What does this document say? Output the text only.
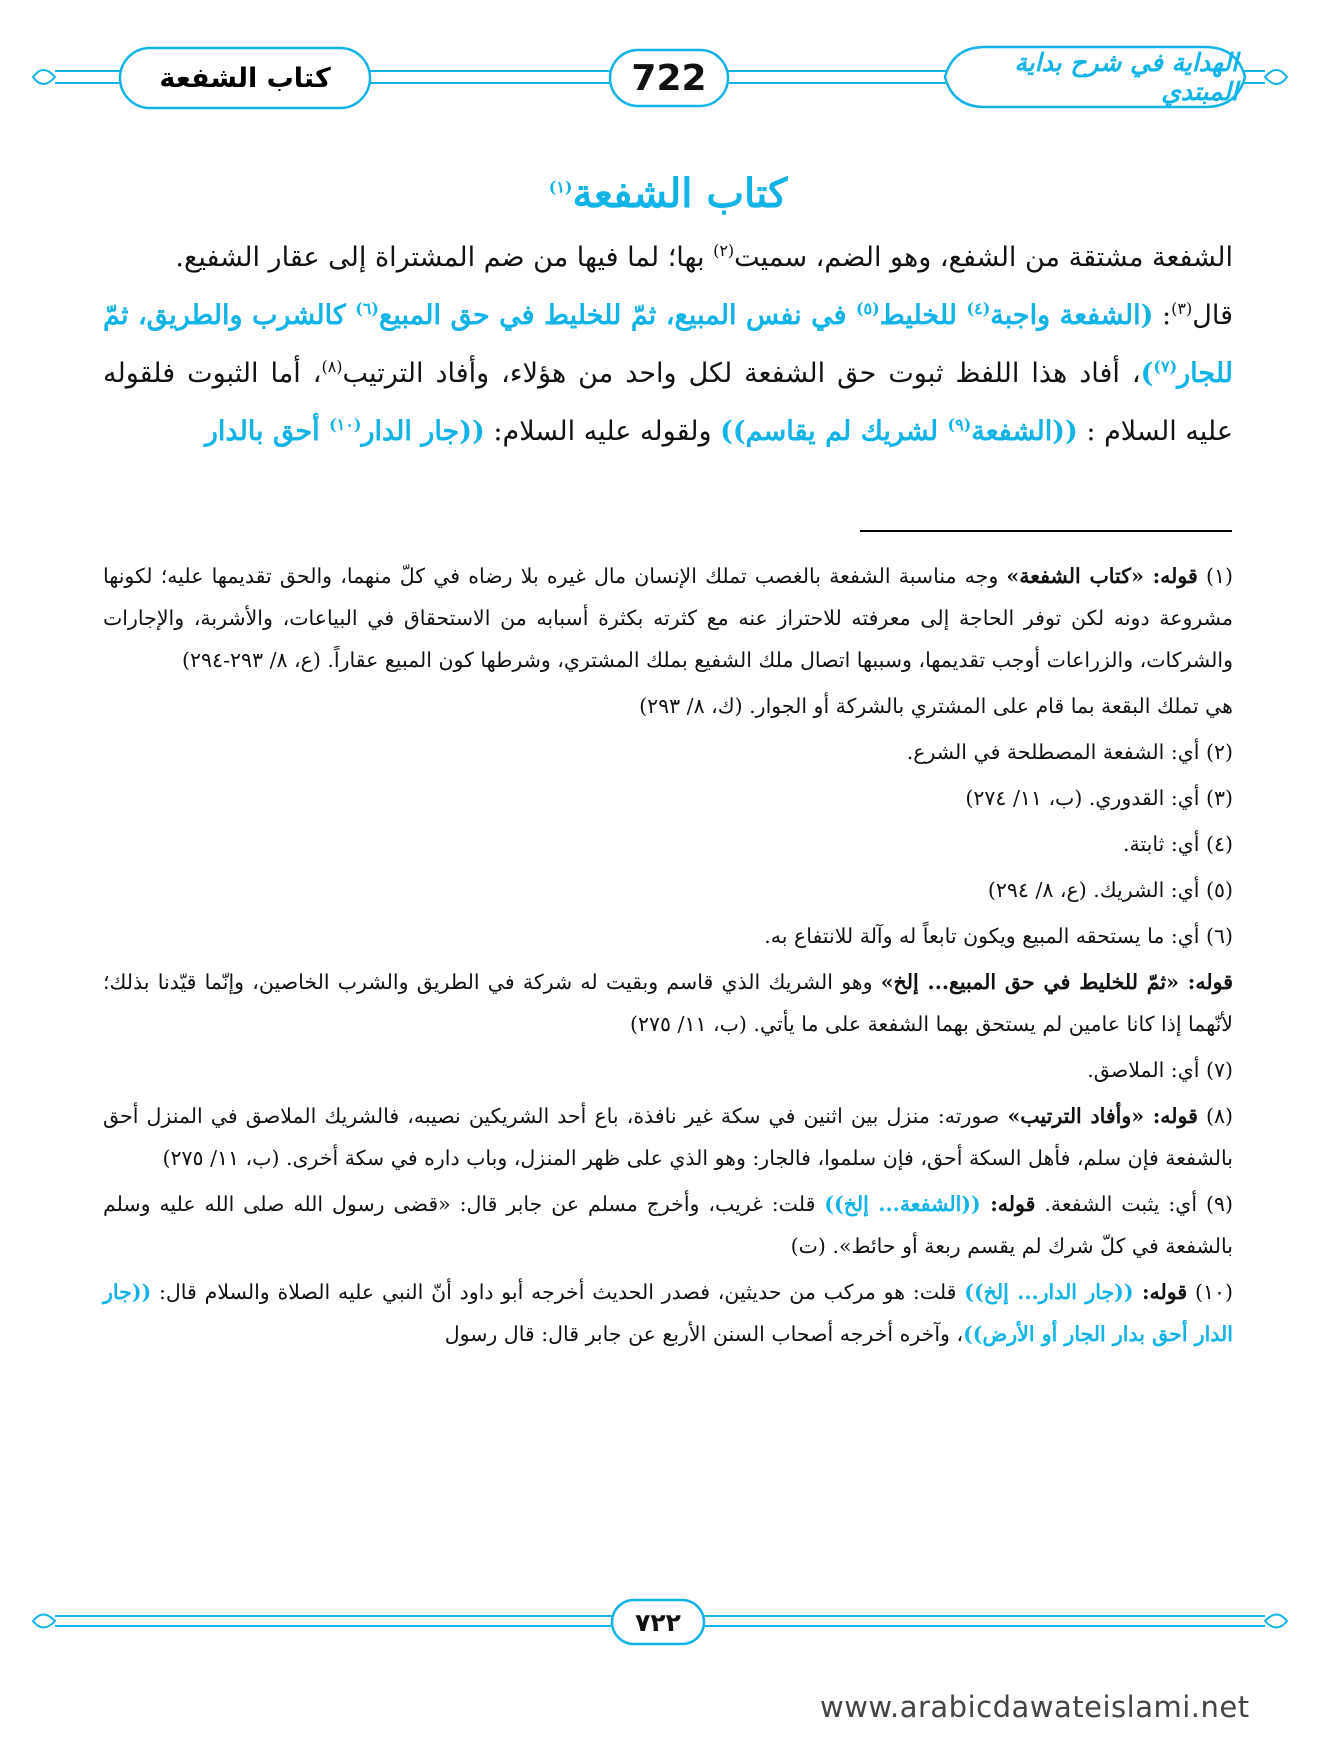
كتاب الشفعة	722	الهداية في شرح بداية المبتدي
كتاب الشفعة$^{(١)}$

الشفعة مشتقة من الشفع، وهو الضم، سميت$^{(٢)}$ بها؛ لما فيها من ضم المشتراة إلى عقار الشفيع.

قال$^{(٣)}$: (الشفعة واجبة$^{(٤)}$ للخليط$^{(٥)}$ في نفس المبيع، ثمّ للخليط في حق المبيع$^{(٦)}$ كالشرب والطريق، ثمّ للجار$^{(٧)}$)، أفاد هذا اللفظ ثبوت حق الشفعة لكل واحد من هؤلاء، وأفاد الترتيب$^{(٨)}$، أما الثبوت فلقوله عليه السلام : ((الشفعة$^{(٩)}$ لشريك لم يقاسم)) ولقوله عليه السلام: ((جار الدار$^{(١٠)}$ أحق بالدار

(١) قوله: «كتاب الشفعة» وجه مناسبة الشفعة بالغصب تملك الإنسان مال غيره بلا رضاه في كلّ منهما، والحق تقديمها عليه؛ لكونها مشروعة دونه لكن توفر الحاجة إلى معرفته للاحتراز عنه مع كثرته بكثرة أسبابه من الاستحقاق في البياعات، والأشربة، والإجارات والشركات، والزراعات أوجب تقديمها، وسببها اتصال ملك الشفيع بملك المشتري، وشرطها كون المبيع عقاراً. (ع، ٨/ ٢٩٣-٢٩٤)

هي تملك البقعة بما قام على المشتري بالشركة أو الجوار. (ك، ٨/ ٢٩٣)

(٢) أي: الشفعة المصطلحة في الشرع.

(٣) أي: القدوري. (ب، ١١/ ٢٧٤)

(٤) أي: ثابتة.

(٥) أي: الشريك. (ع، ٨/ ٢٩٤)

(٦) أي: ما يستحقه المبيع ويكون تابعاً له وآلة للانتفاع به.

قوله: «ثمّ للخليط في حق المبيع... إلخ» وهو الشريك الذي قاسم وبقيت له شركة في الطريق والشرب الخاصين، وإنّما قيّدنا بذلك؛ لأنّهما إذا كانا عامين لم يستحق بهما الشفعة على ما يأتي. (ب، ١١/ ٢٧٥)

(٧) أي: الملاصق.

(٨) قوله: «وأفاد الترتيب» صورته: منزل بين اثنين في سكة غير نافذة، باع أحد الشريكين نصيبه، فالشريك الملاصق في المنزل أحق بالشفعة فإن سلم، فأهل السكة أحق، فإن سلموا، فالجار: وهو الذي على ظهر المنزل، وباب داره في سكة أخرى. (ب، ١١/ ٢٧٥)

(٩) أي: يثبت الشفعة. قوله: ((الشفعة... إلخ)) قلت: غريب، وأخرج مسلم عن جابر قال: «قضى رسول الله صلى الله عليه وسلم بالشفعة في كلّ شرك لم يقسم ربعة أو حائط». (ت)

(١٠) قوله: ((جار الدار... إلخ)) قلت: هو مركب من حديثين، فصدر الحديث أخرجه أبو داود أنّ النبي عليه الصلاة والسلام قال: ((جار الدار أحق بدار الجار أو الأرض))، وآخره أخرجه أصحاب السنن الأربع عن جابر قال: قال رسول

٧٢٢
www.arabicdawateislami.net
